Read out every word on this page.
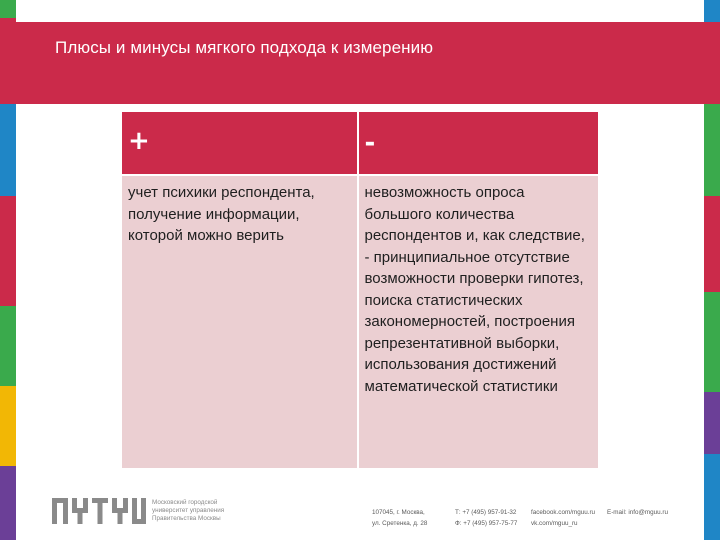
Плюсы и минусы мягкого подхода к измерению
+	-

учет психики респондента, получение информации, которой можно верить	невозможность опроса большого количества респондентов и, как следствие, - принципиальное отсутствие возможности проверки гипотез, поиска статистических закономерностей, построения репрезентативной выборки, использования достижений математической статистики
Московский городской университет управления Правительства Москвы
107045, г. Москва,
ул. Сретенка, д. 28
Т: +7 (495) 957-91-32
Ф: +7 (495) 957-75-77
facebook.com/mguu.ru
vk.com/mguu_ru
E-mail: info@mguu.ru
